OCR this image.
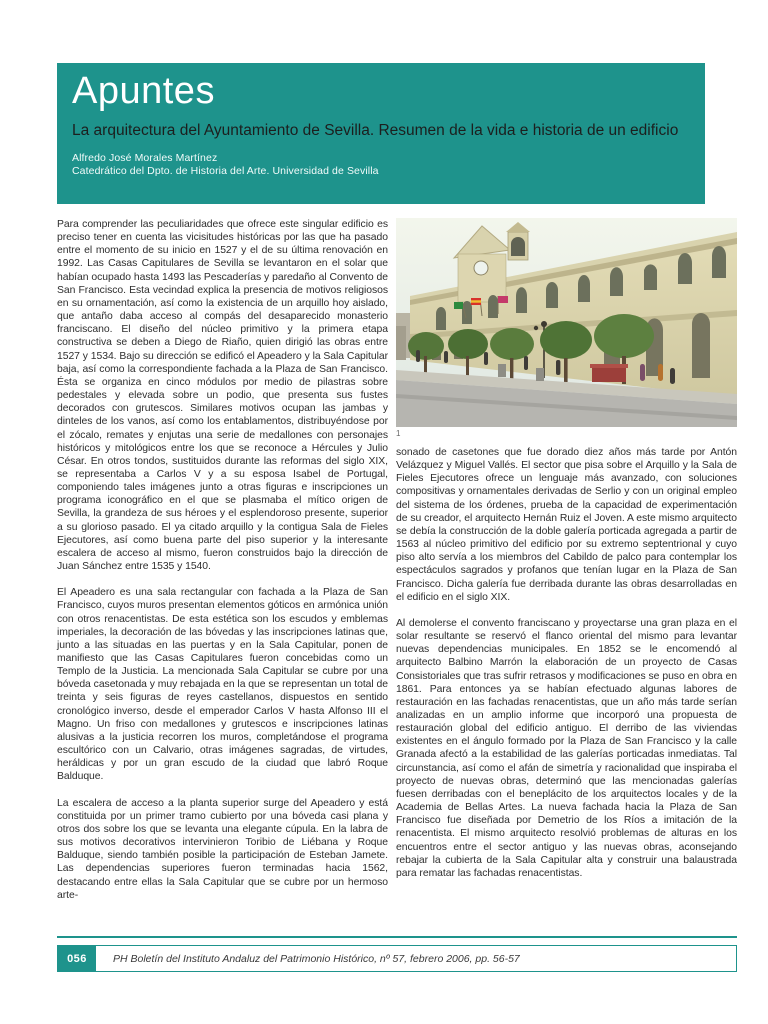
Apuntes
La arquitectura del Ayuntamiento de Sevilla. Resumen de la vida e historia de un edificio
Alfredo José Morales Martínez
Catedrático del Dpto. de Historia del Arte. Universidad de Sevilla

Para comprender las peculiaridades que ofrece este singular edificio es preciso tener en cuenta las vicisitudes históricas por las que ha pasado entre el momento de su inicio en 1527 y el de su última renovación en 1992. Las Casas Capitulares de Sevilla se levantaron en el solar que habían ocupado hasta 1493 las Pescaderías y paredaño al Convento de San Francisco. Esta vecindad explica la presencia de motivos religiosos en su ornamentación, así como la existencia de un arquillo hoy aislado, que antaño daba acceso al compás del desaparecido monasterio franciscano. El diseño del núcleo primitivo y la primera etapa constructiva se deben a Diego de Riaño, quien dirigió las obras entre 1527 y 1534. Bajo su dirección se edificó el Apeadero y la Sala Capitular baja, así como la correspondiente fachada a la Plaza de San Francisco. Ésta se organiza en cinco módulos por medio de pilastras sobre pedestales y elevada sobre un podio, que presenta sus fustes decorados con grutescos. Similares motivos ocupan las jambas y dinteles de los vanos, así como los entablamentos, distribuyéndose por el zócalo, remates y enjutas una serie de medallones con personajes históricos y mitológicos entre los que se reconoce a Hércules y Julio César. En otros tondos, sustituidos durante las reformas del siglo XIX, se representaba a Carlos V y a su esposa Isabel de Portugal, componiendo tales imágenes junto a otras figuras e inscripciones un programa iconográfico en el que se plasmaba el mítico origen de Sevilla, la grandeza de sus héroes y el esplendoroso presente, superior a su glorioso pasado. El ya citado arquillo y la contigua Sala de Fieles Ejecutores, así como buena parte del piso superior y la interesante escalera de acceso al mismo, fueron construidos bajo la dirección de Juan Sánchez entre 1535 y 1540.

El Apeadero es una sala rectangular con fachada a la Plaza de San Francisco, cuyos muros presentan elementos góticos en armónica unión con otros renacentistas. De esta estética son los escudos y emblemas imperiales, la decoración de las bóvedas y las inscripciones latinas que, junto a las situadas en las puertas y en la Sala Capitular, ponen de manifiesto que las Casas Capitulares fueron concebidas como un Templo de la Justicia. La mencionada Sala Capitular se cubre por una bóveda casetonada y muy rebajada en la que se representan un total de treinta y seis figuras de reyes castellanos, dispuestos en sentido cronológico inverso, desde el emperador Carlos V hasta Alfonso III el Magno. Un friso con medallones y grutescos e inscripciones latinas alusivas a la justicia recorren los muros, completándose el programa escultórico con un Calvario, otras imágenes sagradas, de virtudes, heráldicas y por un gran escudo de la ciudad que labró Roque Balduque.

La escalera de acceso a la planta superior surge del Apeadero y está constituida por un primer tramo cubierto por una bóveda casi plana y otros dos sobre los que se levanta una elegante cúpula. En la labra de sus motivos decorativos intervinieron Toribio de Liébana y Roque Balduque, siendo también posible la participación de Esteban Jamete. Las dependencias superiores fueron terminadas hacia 1562, destacando entre ellas la Sala Capitular que se cubre por un hermoso arte-

1

sonado de casetones que fue dorado diez años más tarde por Antón Velázquez y Miguel Vallés. El sector que pisa sobre el Arquillo y la Sala de Fieles Ejecutores ofrece un lenguaje más avanzado, con soluciones compositivas y ornamentales derivadas de Serlio y con un original empleo del sistema de los órdenes, prueba de la capacidad de experimentación de su creador, el arquitecto Hernán Ruiz el Joven. A este mismo arquitecto se debía la construcción de la doble galería porticada agregada a partir de 1563 al núcleo primitivo del edificio por su extremo septentrional y cuyo piso alto servía a los miembros del Cabildo de palco para contemplar los espectáculos sagrados y profanos que tenían lugar en la Plaza de San Francisco. Dicha galería fue derribada durante las obras desarrolladas en el edificio en el siglo XIX.

Al demolerse el convento franciscano y proyectarse una gran plaza en el solar resultante se reservó el flanco oriental del mismo para levantar nuevas dependencias municipales. En 1852 se le encomendó al arquitecto Balbino Marrón la elaboración de un proyecto de Casas Consistoriales que tras sufrir retrasos y modificaciones se puso en obra en 1861. Para entonces ya se habían efectuado algunas labores de restauración en las fachadas renacentistas, que un año más tarde serían analizadas en un amplio informe que incorporó una propuesta de restauración global del edificio antiguo. El derribo de las viviendas existentes en el ángulo formado por la Plaza de San Francisco y la calle Granada afectó a la estabilidad de las galerías porticadas inmediatas. Tal circunstancia, así como el afán de simetría y racionalidad que inspiraba el proyecto de nuevas obras, determinó que las mencionadas galerías fuesen derribadas con el beneplácito de los arquitectos locales y de la Academia de Bellas Artes. La nueva fachada hacia la Plaza de San Francisco fue diseñada por Demetrio de los Ríos a imitación de la renacentista. El mismo arquitecto resolvió problemas de alturas en los encuentros entre el sector antiguo y las nuevas obras, aconsejando rebajar la cubierta de la Sala Capitular alta y construir una balaustrada para rematar las fachadas renacentistas.

056	PH Boletín del Instituto Andaluz del Patrimonio Histórico, nº 57, febrero 2006, pp. 56-57
